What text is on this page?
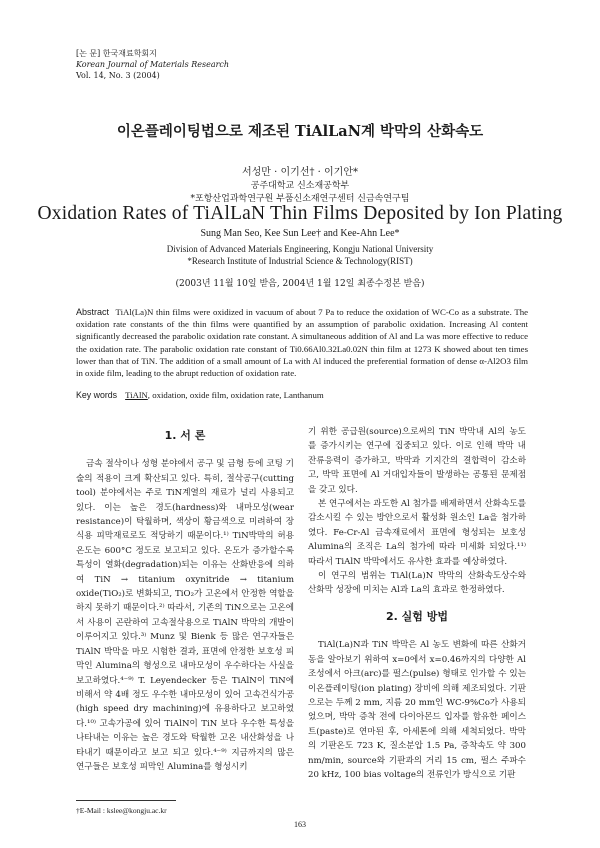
[논 문] 한국재료학회지
Korean Journal of Materials Research
Vol. 14, No. 3 (2004)
이온플레이팅법으로 제조된 TiAlLaN계 박막의 산화속도
서성만 · 이기선† · 이기안*
공주대학교 신소재공학부
*포항산업과학연구원 부품신소재연구센터 신금속연구팀
Oxidation Rates of TiAlLaN Thin Films Deposited by Ion Plating
Sung Man Seo, Kee Sun Lee† and Kee-Ahn Lee*
Division of Advanced Materials Engineering, Kongju National University
*Research Institute of Industrial Science & Technology(RIST)
(2003년 11월 10일 받음, 2004년 1월 12일 최종수정본 받음)
Abstract TiAl(La)N thin films were oxidized in vacuum of about 7 Pa to reduce the oxidation of WC-Co as a substrate. The oxidation rate constants of the thin films were quantified by an assumption of parabolic oxidation. Increasing Al content significantly decreased the parabolic oxidation rate constant. A simultaneous addition of Al and La was more effective to reduce the oxidation rate. The parabolic oxidation rate constant of Ti0.66Al0.32La0.02N thin film at 1273 K showed about ten times lower than that of TiN. The addition of a small amount of La with Al induced the preferential formation of dense α-Al2O3 film in oxide film, leading to the abrupt reduction of oxidation rate.
Key words TiAlN, oxidation, oxide film, oxidation rate, Lanthanum
1. 서 론

금속 절삭이나 성형 분야에서 공구 및 금형 등에 코팅 기술의 적용이 크게 확산되고 있다. 특히, 절삭공구(cutting tool) 분야에서는 주로 TiN계열의 재료가 널리 사용되고 있다. 이는 높은 경도(hardness)와 내마모성(wear resistance)이 탁월하며, 색상이 황금색으로 미려하여 장식용 피막재료로도 적당하기 때문이다.¹⁾ TiN박막의 허용온도는 600°C 정도로 보고되고 있다. 온도가 증가할수록 특성이 열화(degradation)되는 이유는 산화반응에 의하여 TiN → titanium oxynitride → titanium oxide(TiO₂)로 변화되고, TiO₂가 고온에서 안정한 역할을 하지 못하기 때문이다.²⁾ 따라서, 기존의 TiN으로는 고온에서 사용이 곤란하여 고속절삭용으로 TiAlN 박막의 개발이 이루어지고 있다.³⁾ Munz 및 Bienk 등 많은 연구자들은 TiAlN 박막을 마모 시험한 결과, 표면에 안정한 보호성 피막인 Alumina의 형성으로 내마모성이 우수하다는 사실을 보고하였다.⁴⁻⁹⁾ T. Leyendecker 등은 TiAlN이 TiN에 비해서 약 4배 정도 우수한 내마모성이 있어 고속건식가공(high speed dry machining)에 유용하다고 보고하였다.¹⁰⁾ 고속가공에 있어 TiAlN이 TiN 보다 우수한 특성을 나타내는 이유는 높은 경도와 탁월한 고온 내산화성을 나타내기 때문이라고 보고 되고 있다.⁴⁻⁹⁾ 지금까지의 많은 연구들은 보호성 피막인 Alumina를 형성시키

기 위한 공급원(source)으로써의 TiN 박막내 Al의 농도를 증가시키는 연구에 집중되고 있다. 이로 인해 박막 내 잔류응력이 증가하고, 박막과 기지간의 결합력이 감소하고, 박막 표면에 Al 거대입자들이 발생하는 공통된 문제점을 갖고 있다.

본 연구에서는 과도한 Al 첨가를 배제하면서 산화속도를 감소시킬 수 있는 방안으로서 활성화 원소인 La을 첨가하였다. Fe-Cr-Al 금속재료에서 표면에 형성되는 보호성 Alumina의 조직은 La의 첨가에 따라 미세화 되었다.¹¹⁾ 따라서 TiAlN 박막에서도 유사한 효과를 예상하였다.

이 연구의 범위는 TiAl(La)N 박막의 산화속도상수와 산화막 성장에 미치는 Al과 La의 효과로 한정하였다.

2. 실험 방법

TiAl(La)N과 TiN 박막은 Al 농도 변화에 따른 산화거동을 알아보기 위하여 x=0에서 x=0.46까지의 다양한 Al 조성에서 아크(arc)를 펄스(pulse) 형태로 인가할 수 있는 이온플레이팅(ion plating) 장비에 의해 제조되었다. 기판으로는 두께 2 mm, 지름 20 mm인 WC-9%Co가 사용되었으며, 박막 증착 전에 다이아몬드 입자를 함유한 페이스트(paste)로 연마된 후, 아세톤에 의해 세척되었다. 박막의 기판온도 723 K, 질소분압 1.5 Pa, 증착속도 약 300 nm/min, source와 기판과의 거리 15 cm, 펄스 주파수 20 kHz, 100 bias voltage의 전류인가 방식으로 기판

†E-Mail : kslee@kongju.ac.kr
163
